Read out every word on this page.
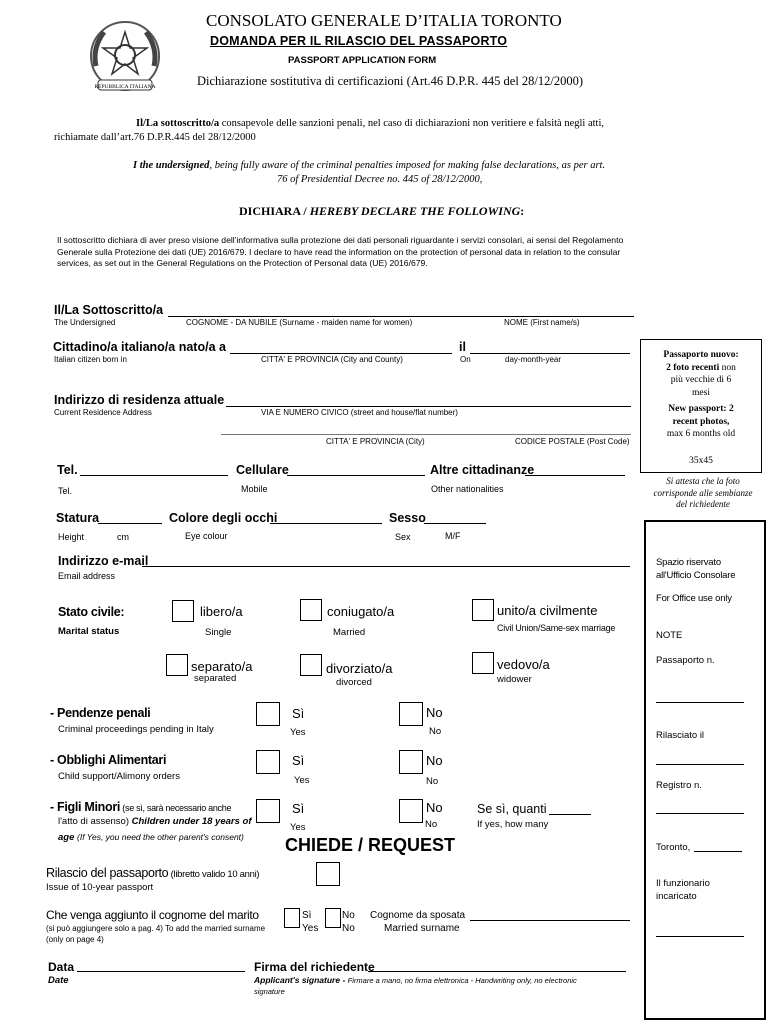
REPUBBLICA ITALIANA
CONSOLATO GENERALE D’ITALIA TORONTO
DOMANDA PER IL RILASCIO DEL PASSAPORTO
PASSPORT APPLICATION FORM
Dichiarazione sostitutiva di certificazioni (Art.46 D.P.R. 445 del 28/12/2000)
Il/La sottoscritto/a consapevole delle sanzioni penali, nel caso di dichiarazioni non veritiere e falsità negli atti,
richiamate dall’art.76 D.P.R.445 del 28/12/2000
I the undersigned, being fully aware of the criminal penalties imposed for making false declarations, as per art.
76 of Presidential Decree no. 445 of 28/12/2000,
DICHIARA / HEREBY DECLARE THE FOLLOWING:
Il sottoscritto dichiara di aver preso visione dell'informativa sulla protezione dei dati personali riguardante i servizi consolari, ai sensi del Regolamento
Generale sulla Protezione dei dati (UE) 2016/679. I declare to have read the information on the protection of personal data in relation to the consular
services, as set out in the General Regulations on the Protection of Personal data (UE) 2016/679.
Il/La Sottoscritto/a
The Undersigned	COGNOME - DA NUBILE (Surname - maiden name for women)	NOME (First name/s)
Cittadino/a italiano/a nato/a a	il
Italian citizen born in	CITTA' E PROVINCIA (City and County)	On	day-month-year
Indirizzo di residenza attuale
Current Residence Address	VIA E NUMERO CIVICO (street and house/flat number)
CITTA' E PROVINCIA (City)	CODICE POSTALE (Post Code)
Tel.	Cellulare	Altre cittadinanze
Tel.	Mobile	Other nationalities
Statura	Colore degli occhi	Sesso
Height	cm	Eye colour	Sex	M/F
Indirizzo e-mail
Email address
Stato civile:
Marital status
libero/a
Single
coniugato/a
Married
unito/a civilmente
Civil Union/Same-sex marriage
separato/a
separated
divorziato/a
divorced
vedovo/a
widower
- Pendenze penali
Criminal proceedings pending in Italy
Sì
Yes
No
No
- Obblighi Alimentari
Child support/Alimony orders
Sì
Yes
No
No
- Figli Minori (se sì, sarà necessario anche
l'atto di assenso) Children under 18 years of
age (If Yes, you need the other parent's consent)
Sì
Yes
No
No
Se sì, quanti
If yes, how many
CHIEDE / REQUEST
Rilascio del passaporto (libretto valido 10 anni)
Issue of 10-year passport
Che venga aggiunto il cognome del marito
(si può aggiungere solo a pag. 4) To add the married surname
(only on page 4)
Sì
Yes
No
No
Cognome da sposata
Married surname
Data
Date
Firma del richiedente
Applicant's signature - Firmare a mano, no firma elettronica - Handwriting only, no electronic
signature
Passaporto nuovo:
2 foto recenti non
più vecchie di 6
mesi
New passport: 2
recent photos,
max 6 months old
35x45
Si attesta che la foto
corrisponde alle sembianze
del richiedente
Spazio riservato
all'Ufficio Consolare
For Office use only
NOTE
Passaporto n.
Rilasciato il
Registro n.
Toronto,
Il funzionario
incaricato
